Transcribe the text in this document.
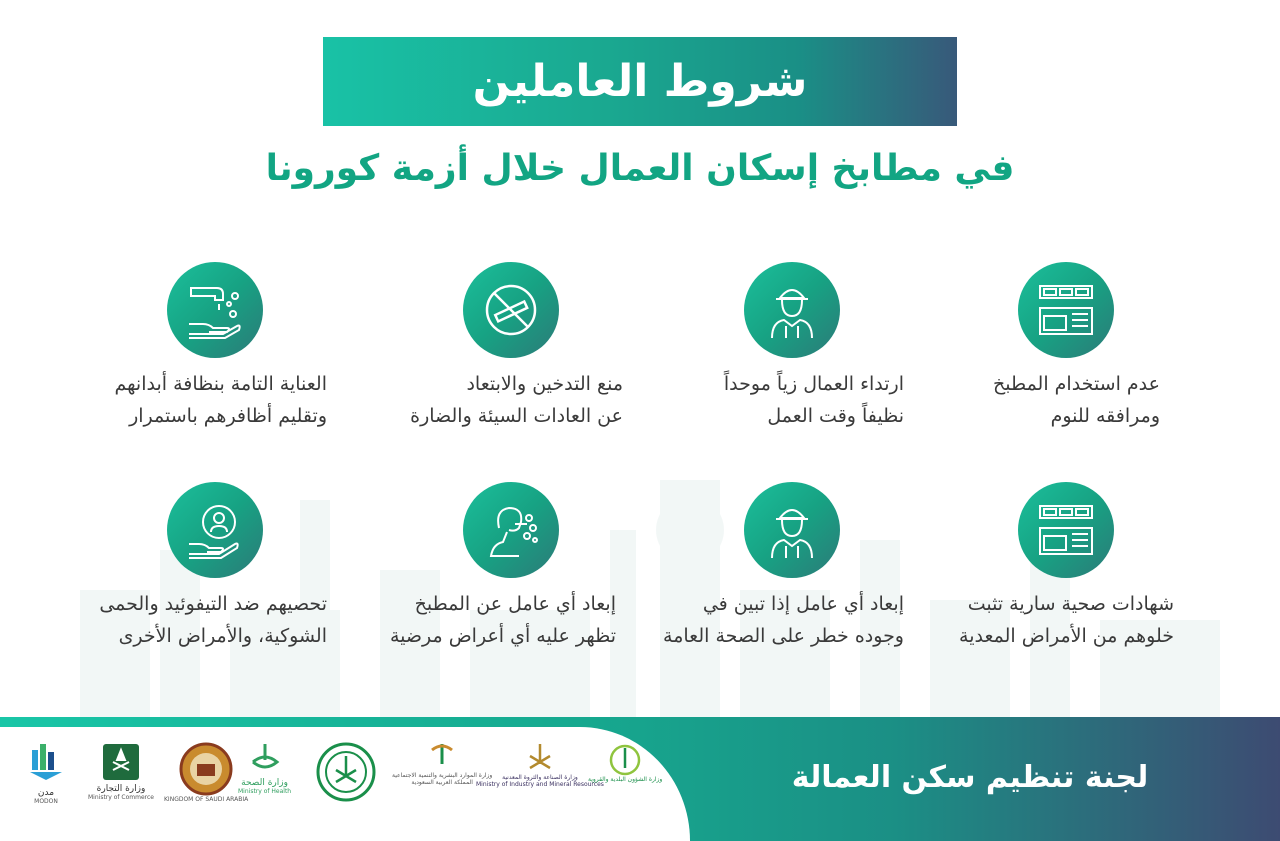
شروط العاملين
في مطابخ إسكان العمال خلال أزمة كورونا
عدم استخدام المطبخ
ومرافقه للنوم
ارتداء العمال زياً موحداً
نظيفاً وقت العمل
منع التدخين والابتعاد
عن العادات السيئة والضارة
العناية التامة بنظافة أبدانهم
وتقليم أظافرهم باستمرار
شهادات صحية سارية تثبت
خلوهم من الأمراض المعدية
إبعاد أي عامل إذا تبين في
وجوده خطر على الصحة العامة
إبعاد أي عامل عن المطبخ
تظهر عليه أي أعراض مرضية
تحصيهم ضد التيفوئيد والحمى
الشوكية، والأمراض الأخرى
لجنة تنظيم سكن العمالة
مدن
MODON
وزارة التجارة
Ministry of Commerce KINGDOM OF SAUDI ARABIA
وزارة الصحة
Ministry of Health
وزارة الموارد البشرية والتنمية الاجتماعية
المملكة العربية السعودية
وزارة الصناعة والثروة المعدنية
Ministry of Industry and Mineral Resources
وزارة الشؤون البلدية والقروية
